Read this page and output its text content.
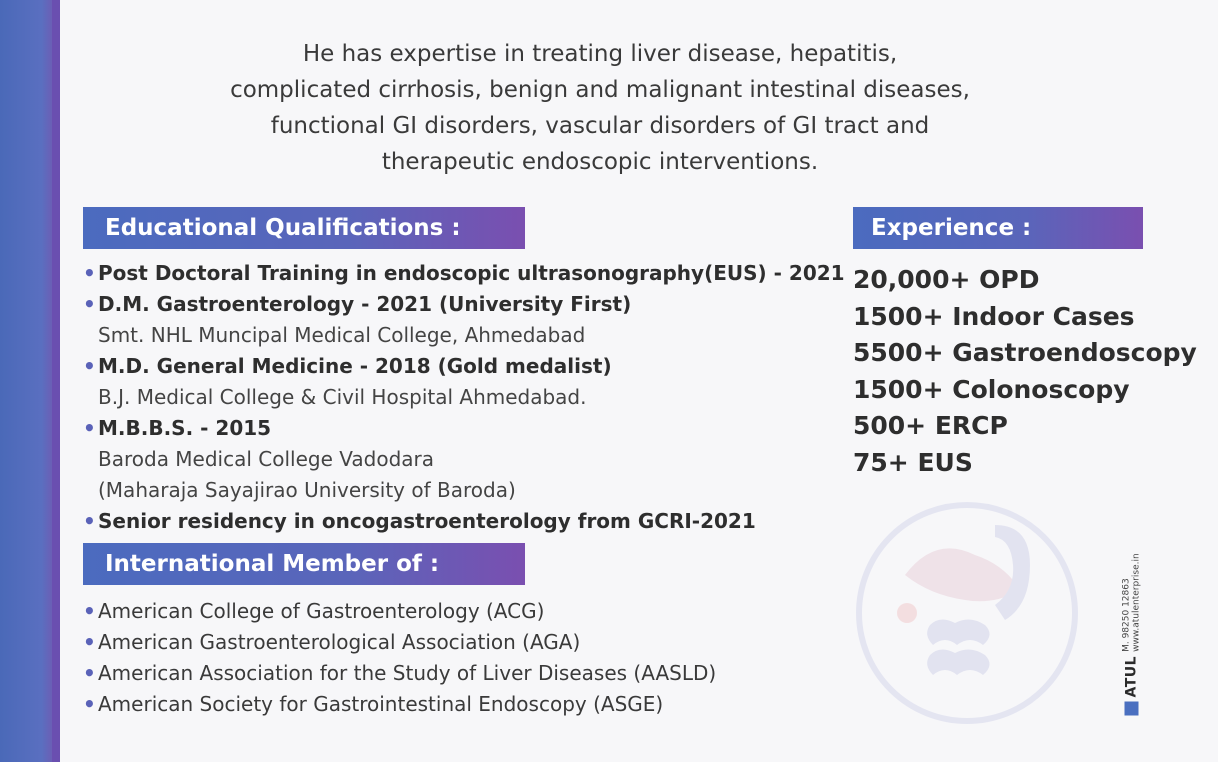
He has expertise in treating liver disease, hepatitis,

complicated cirrhosis, benign and malignant intestinal diseases,

functional GI disorders, vascular disorders of GI tract and

therapeutic endoscopic interventions.

Educational Qualifications :	Experience :
International Member of :
• Post Doctoral Training in endoscopic ultrasonography(EUS) - 2021
• D.M. Gastroenterology - 2021 (University First)
Smt. NHL Muncipal Medical College, Ahmedabad
• M.D. General Medicine - 2018 (Gold medalist)
B.J. Medical College & Civil Hospital Ahmedabad.
• M.B.B.S. - 2015
Baroda Medical College Vadodara
(Maharaja Sayajirao University of Baroda)
• Senior residency in oncogastroenterology from GCRI-2021
20,000+ OPD
1500+ Indoor Cases
5500+ Gastroendoscopy
1500+ Colonoscopy
500+ ERCP
75+ EUS
• American College of Gastroenterology (ACG)
• American Gastroenterological Association (AGA)
• American Association for the Study of Liver Diseases (AASLD)
• American Society for Gastrointestinal Endoscopy (ASGE)
ATUL
M. 98250 12863 www.atulenterprise.in
